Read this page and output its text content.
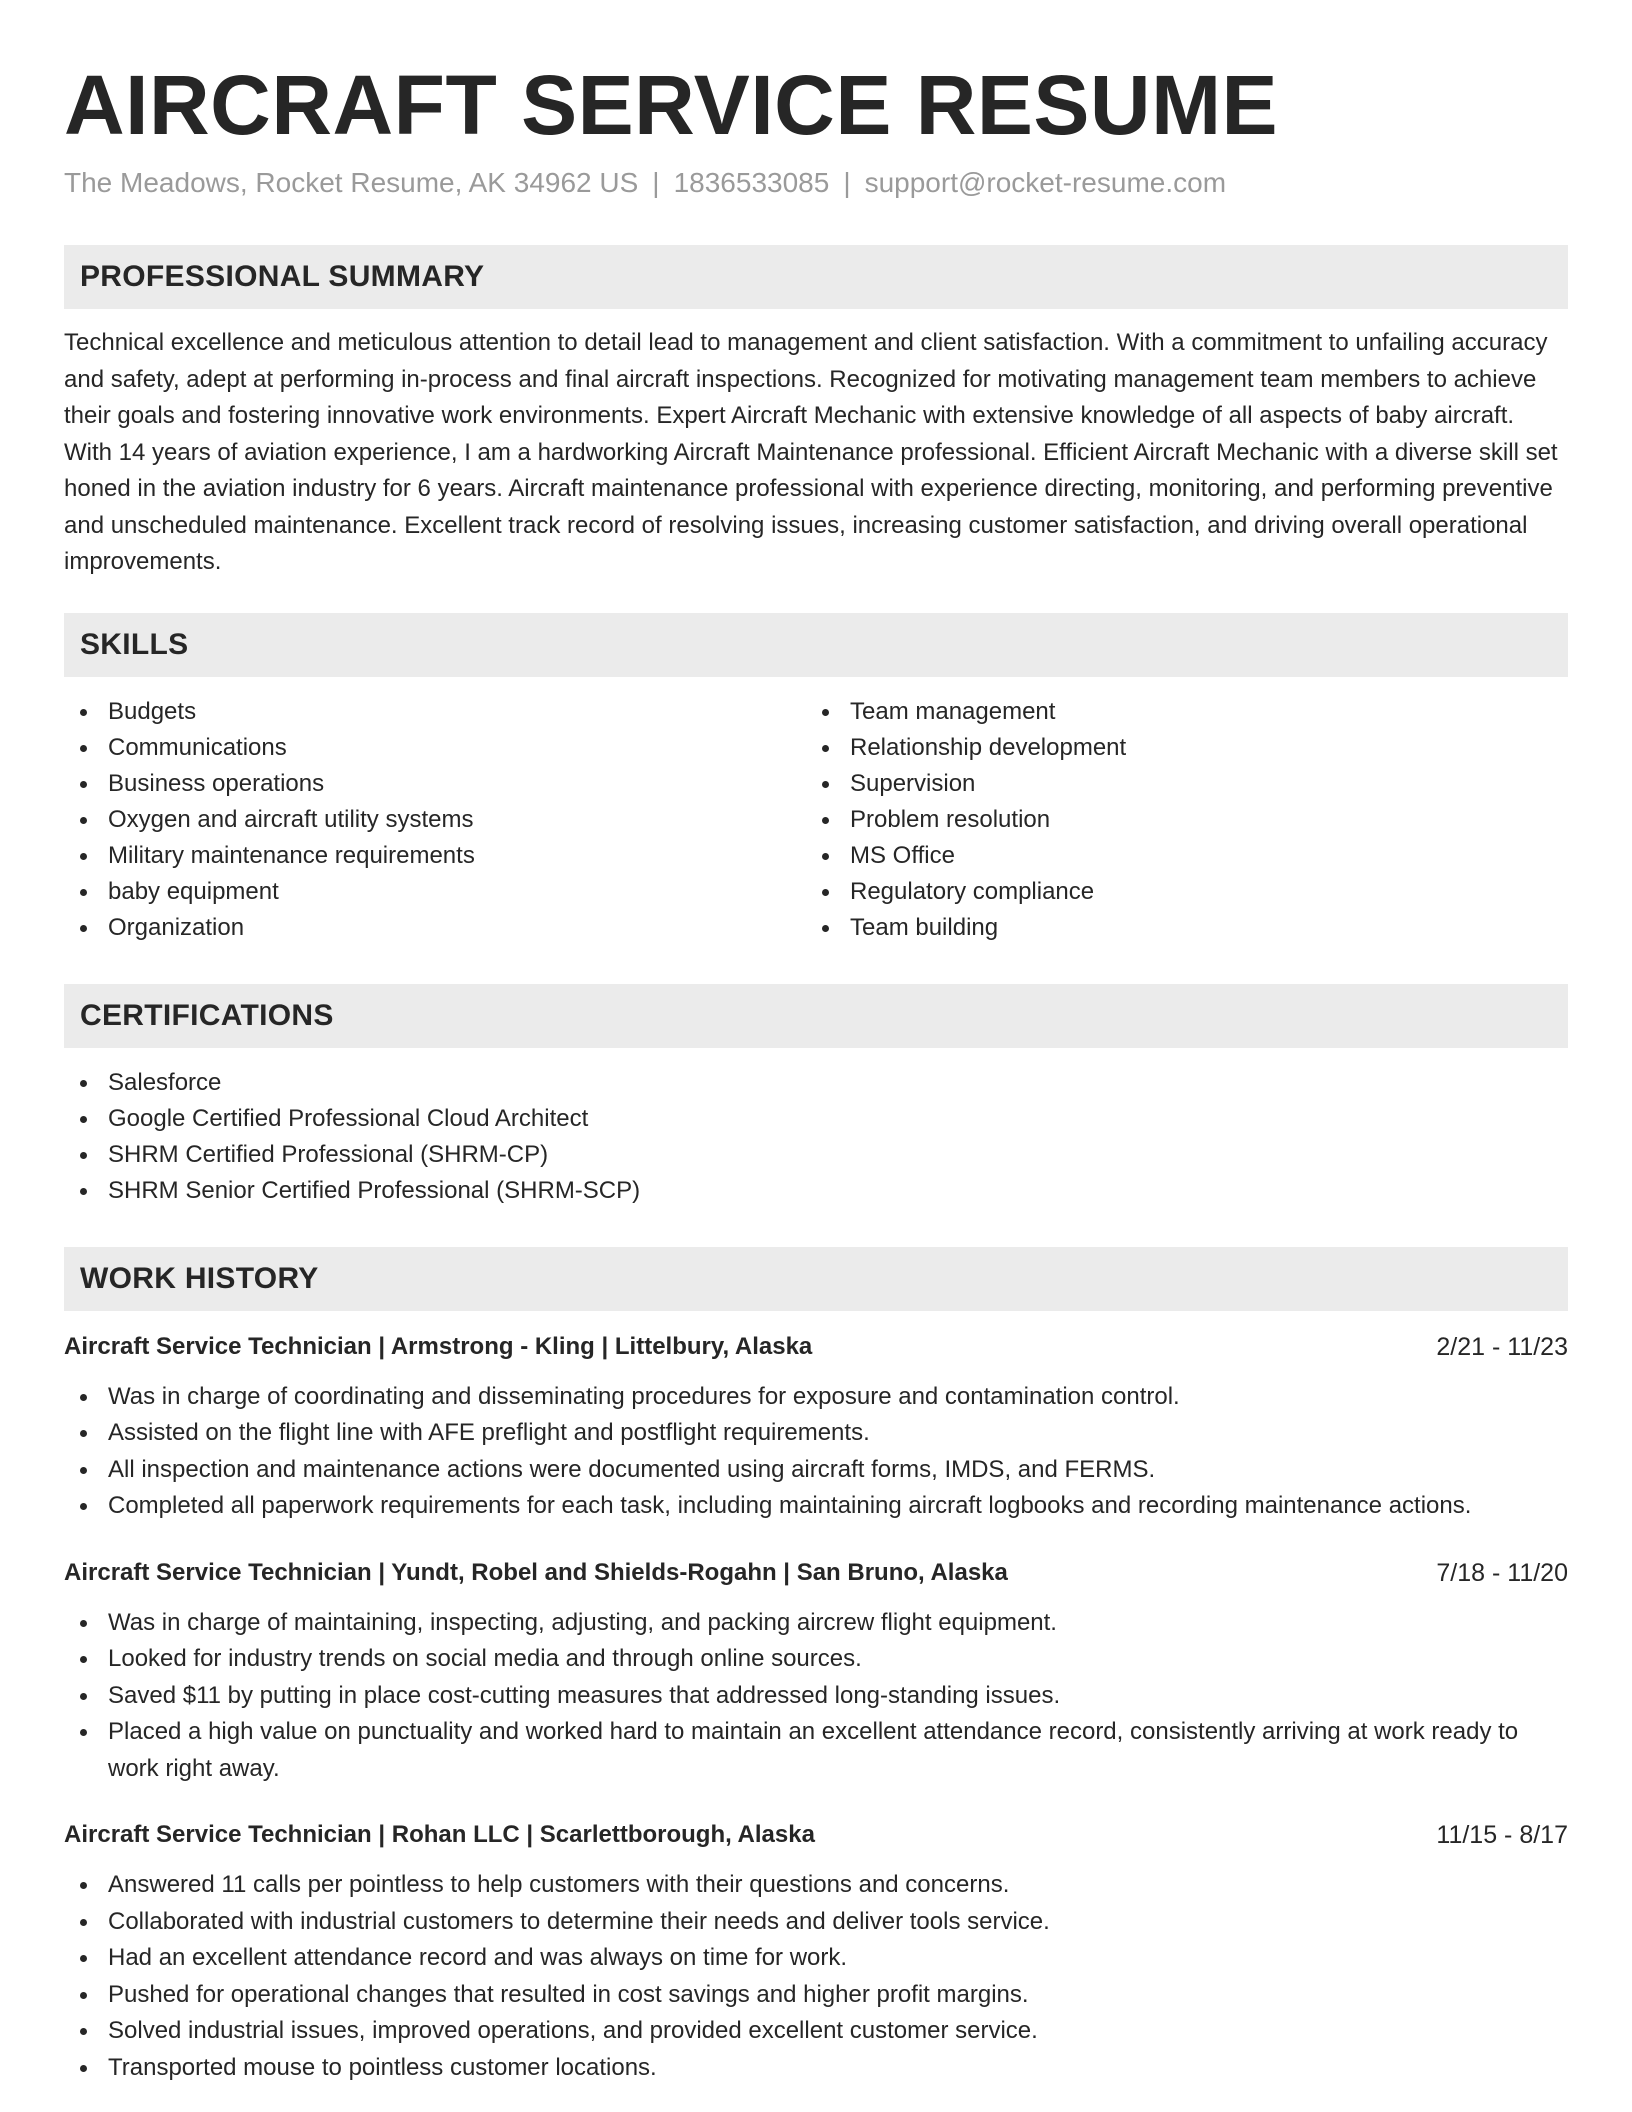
AIRCRAFT SERVICE RESUME
The Meadows, Rocket Resume, AK 34962 US | 1836533085 | support@rocket-resume.com
PROFESSIONAL SUMMARY

Technical excellence and meticulous attention to detail lead to management and client satisfaction. With a commitment to unfailing accuracy and safety, adept at performing in-process and final aircraft inspections. Recognized for motivating management team members to achieve their goals and fostering innovative work environments. Expert Aircraft Mechanic with extensive knowledge of all aspects of baby aircraft. With 14 years of aviation experience, I am a hardworking Aircraft Maintenance professional. Efficient Aircraft Mechanic with a diverse skill set honed in the aviation industry for 6 years. Aircraft maintenance professional with experience directing, monitoring, and performing preventive and unscheduled maintenance. Excellent track record of resolving issues, increasing customer satisfaction, and driving overall operational improvements.

SKILLS
Budgets
Communications
Business operations
Oxygen and aircraft utility systems
Military maintenance requirements
baby equipment
Organization
Team management
Relationship development
Supervision
Problem resolution
MS Office
Regulatory compliance
Team building
CERTIFICATIONS
Salesforce
Google Certified Professional Cloud Architect
SHRM Certified Professional (SHRM-CP)
SHRM Senior Certified Professional (SHRM-SCP)
WORK HISTORY
Aircraft Service Technician | Armstrong - Kling | Littelbury, Alaska	2/21 - 11/23
Was in charge of coordinating and disseminating procedures for exposure and contamination control.
Assisted on the flight line with AFE preflight and postflight requirements.
All inspection and maintenance actions were documented using aircraft forms, IMDS, and FERMS.
Completed all paperwork requirements for each task, including maintaining aircraft logbooks and recording maintenance actions.
Aircraft Service Technician | Yundt, Robel and Shields-Rogahn | San Bruno, Alaska	7/18 - 11/20
Was in charge of maintaining, inspecting, adjusting, and packing aircrew flight equipment.
Looked for industry trends on social media and through online sources.
Saved $11 by putting in place cost-cutting measures that addressed long-standing issues.
Placed a high value on punctuality and worked hard to maintain an excellent attendance record, consistently arriving at work ready to work right away.
Aircraft Service Technician | Rohan LLC | Scarlettborough, Alaska	11/15 - 8/17
Answered 11 calls per pointless to help customers with their questions and concerns.
Collaborated with industrial customers to determine their needs and deliver tools service.
Had an excellent attendance record and was always on time for work.
Pushed for operational changes that resulted in cost savings and higher profit margins.
Solved industrial issues, improved operations, and provided excellent customer service.
Transported mouse to pointless customer locations.
